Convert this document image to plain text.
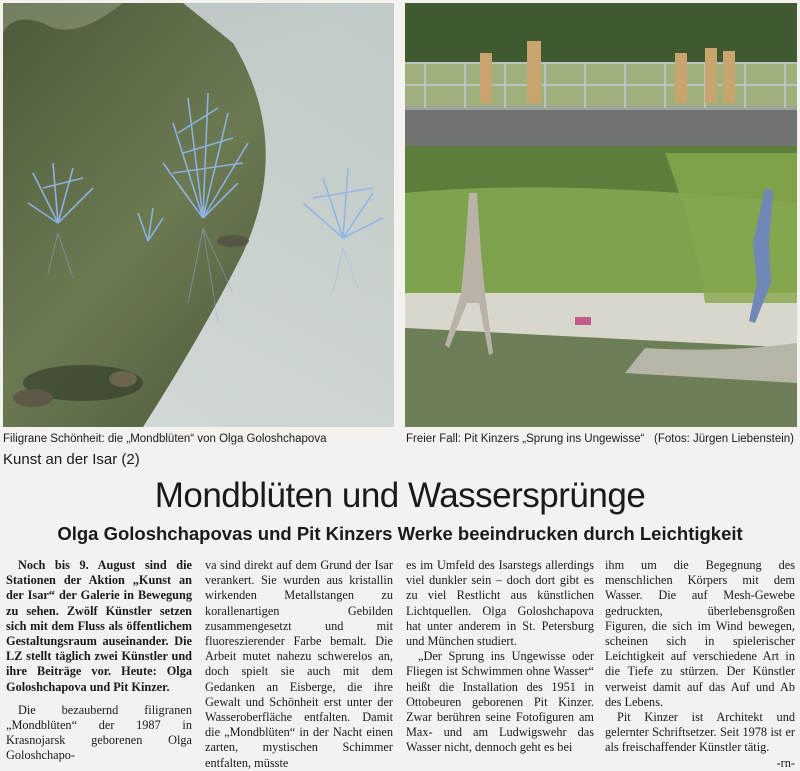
Filigrane Schönheit: die „Mondblüten“ von Olga Goloshchapova	Freier Fall: Pit Kinzers „Sprung ins Ungewisse“ (Fotos: Jürgen Liebenstein)
Kunst an der Isar (2)
Mondblüten und Wassersprünge
Olga Goloshchapovas und Pit Kinzers Werke beeindrucken durch Leichtigkeit

Noch bis 9. August sind die Stationen der Aktion „Kunst an der Isar“ der Galerie in Bewegung zu sehen. Zwölf Künstler setzen sich mit dem Fluss als öffentlichem Gestaltungsraum auseinander. Die LZ stellt täglich zwei Künstler und ihre Beiträge vor. Heute: Olga Goloshchapova und Pit Kinzer.

Die bezaubernd filigranen „Mondblüten“ der 1987 in Krasnojarsk geborenen Olga Goloshchapo-

va sind direkt auf dem Grund der Isar verankert. Sie wurden aus kristallin wirkenden Metallstangen zu korallenartigen Gebilden zusammengesetzt und mit fluoreszierender Farbe bemalt. Die Arbeit mutet nahezu schwerelos an, doch spielt sie auch mit dem Gedanken an Eisberge, die ihre Gewalt und Schönheit erst unter der Wasseroberfläche entfalten. Damit die „Mondblüten“ in der Nacht einen zarten, mystischen Schimmer entfalten, müsste

es im Umfeld des Isarstegs allerdings viel dunkler sein – doch dort gibt es zu viel Restlicht aus künstlichen Lichtquellen. Olga Goloshchapova hat unter anderem in St. Petersburg und München studiert.

„Der Sprung ins Ungewisse oder Fliegen ist Schwimmen ohne Wasser“ heißt die Installation des 1951 in Ottobeuren geborenen Pit Kinzer. Zwar berühren seine Fotofiguren am Max- und am Ludwigswehr das Wasser nicht, dennoch geht es bei

ihm um die Begegnung des menschlichen Körpers mit dem Wasser. Die auf Mesh-Gewebe gedruckten, überlebensgroßen Figuren, die sich im Wind bewegen, scheinen sich in spielerischer Leichtigkeit auf verschiedene Art in die Tiefe zu stürzen. Der Künstler verweist damit auf das Auf und Ab des Lebens.

Pit Kinzer ist Architekt und gelernter Schriftsetzer. Seit 1978 ist er als freischaffender Künstler tätig.

-rn-
